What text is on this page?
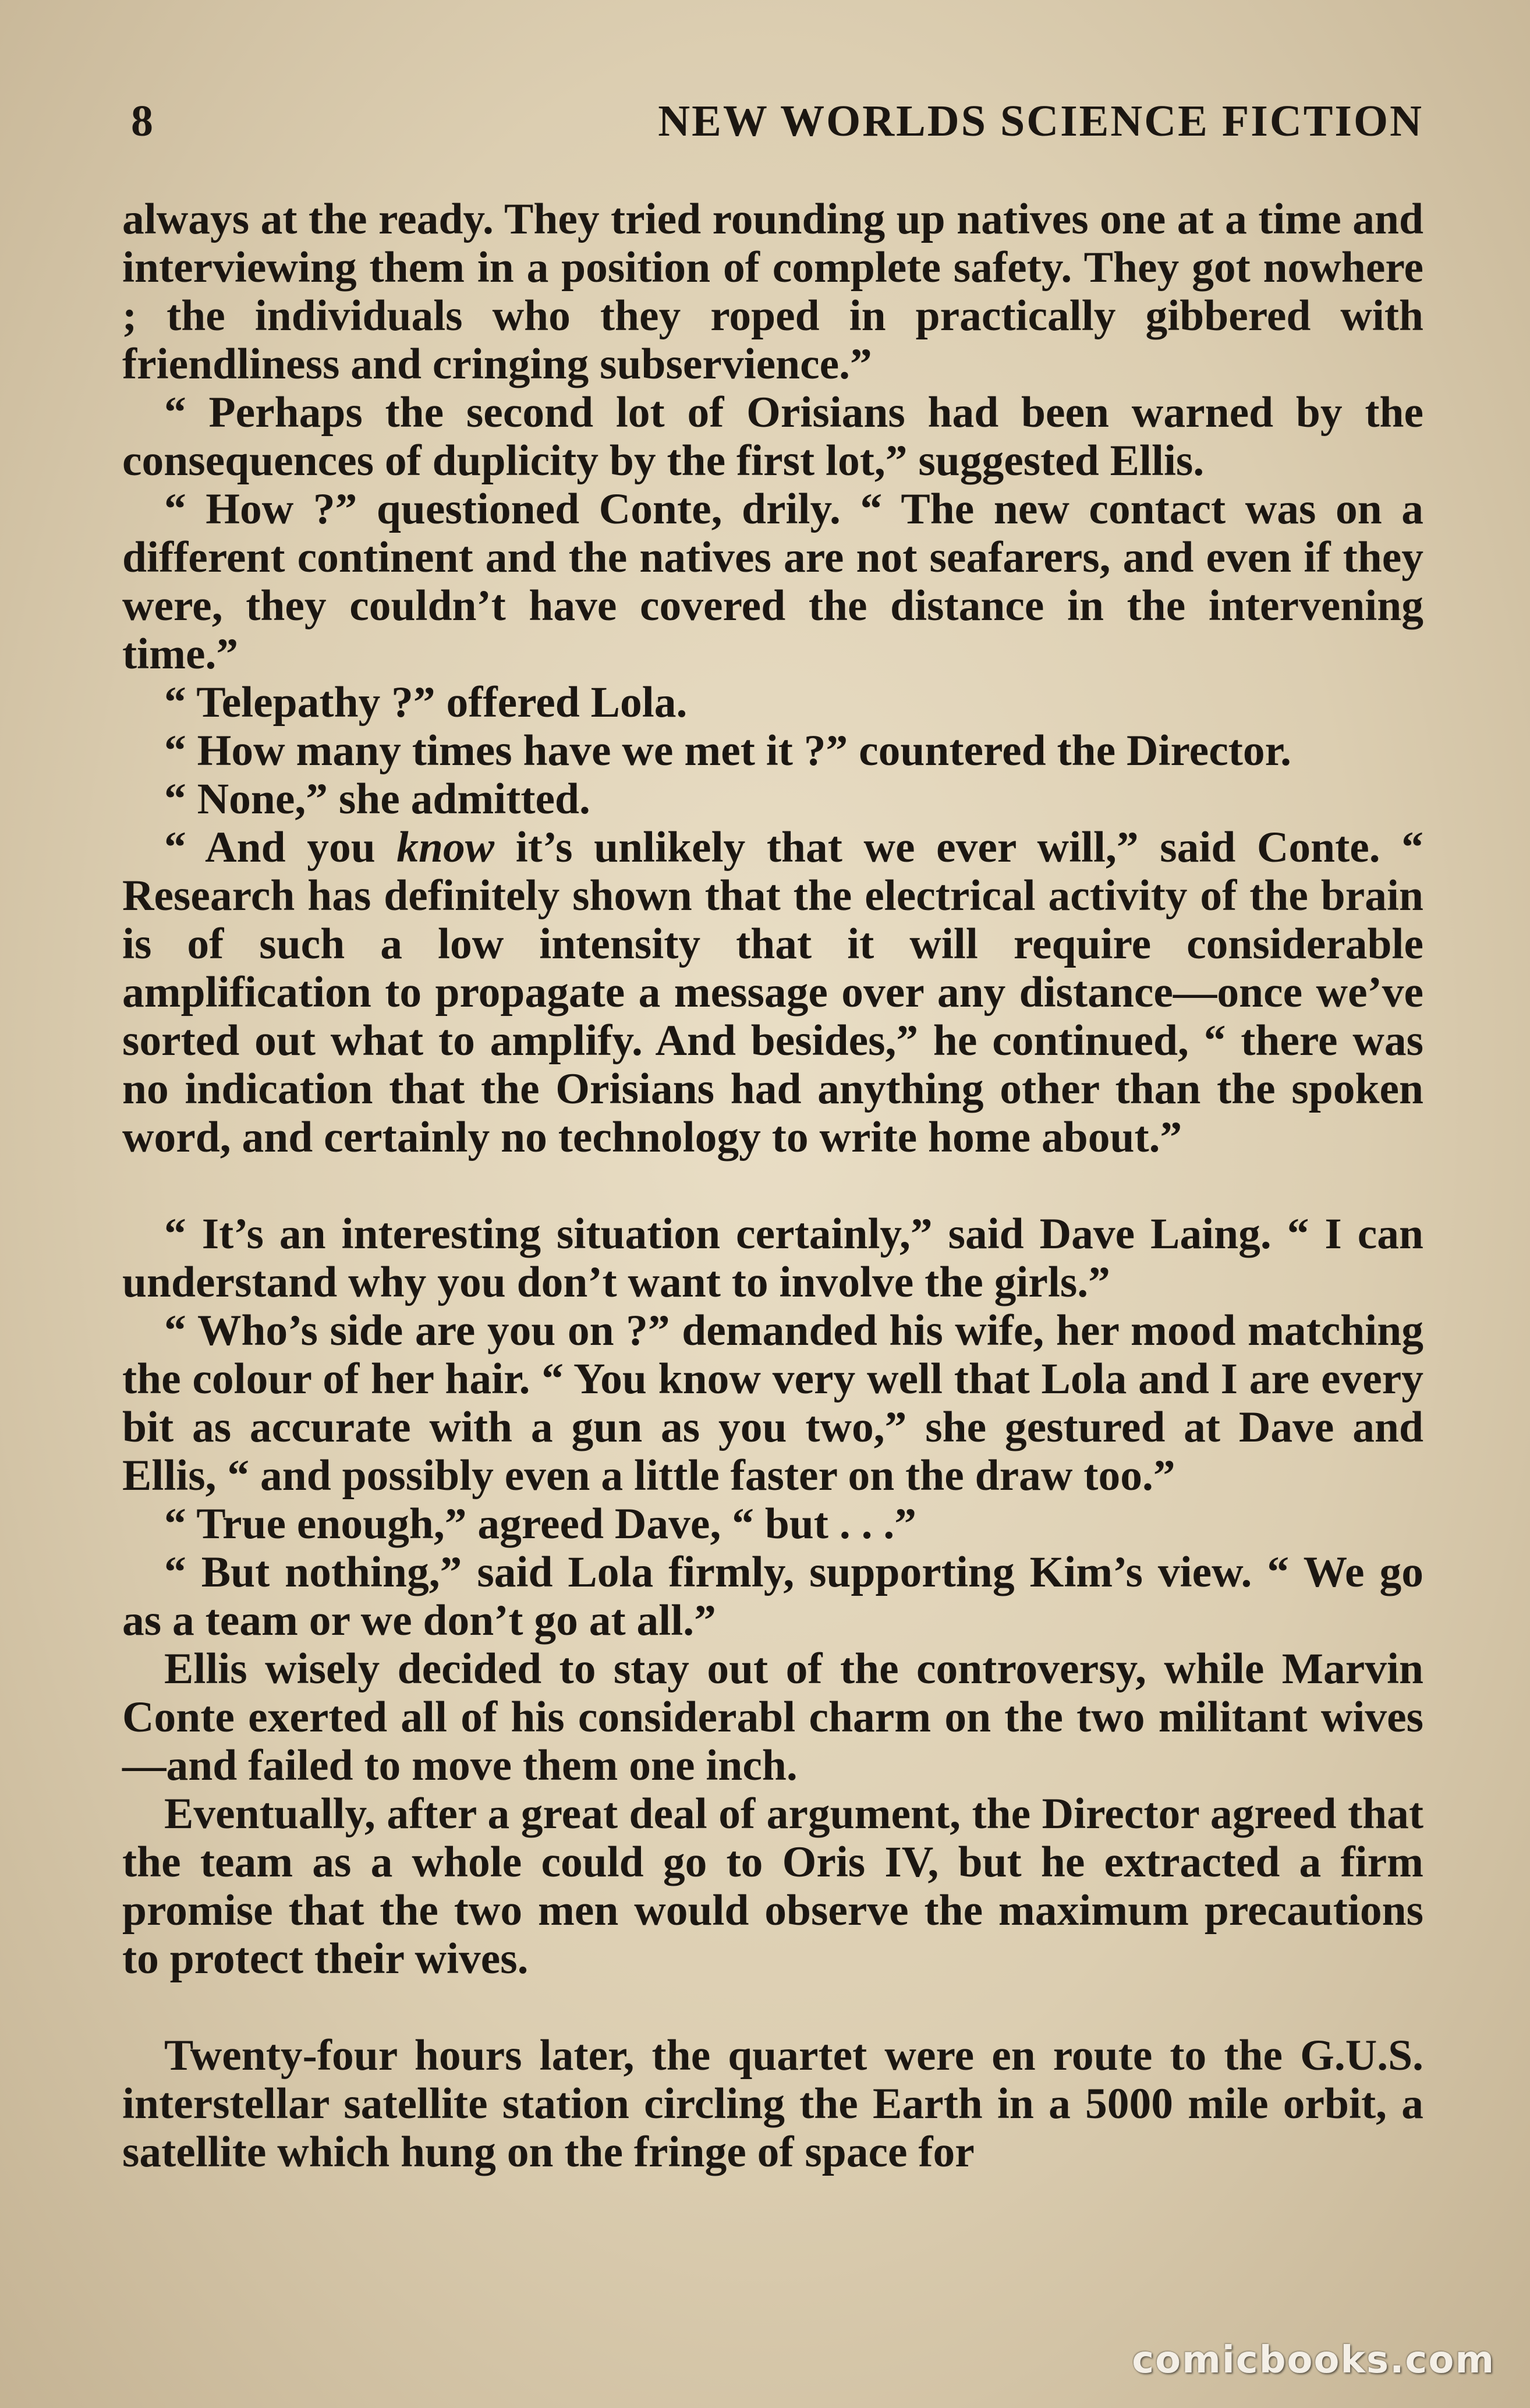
8	NEW WORLDS SCIENCE FICTION

always at the ready. They tried rounding up natives one at a time and interviewing them in a position of complete safety. They got nowhere ; the individuals who they roped in practically gibbered with friendliness and cringing subservience.”

“ Perhaps the second lot of Orisians had been warned by the consequences of duplicity by the first lot,” suggested Ellis.

“ How ?” questioned Conte, drily. “ The new contact was on a different continent and the natives are not seafarers, and even if they were, they couldn’t have covered the distance in the intervening time.”

“ Telepathy ?” offered Lola.

“ How many times have we met it ?” countered the Director.

“ None,” she admitted.

“ And you know it’s unlikely that we ever will,” said Conte. “ Research has definitely shown that the electrical activity of the brain is of such a low intensity that it will require considerable amplification to propagate a message over any distance—once we’ve sorted out what to amplify. And besides,” he continued, “ there was no indication that the Orisians had anything other than the spoken word, and certainly no technology to write home about.”

“ It’s an interesting situation certainly,” said Dave Laing. “ I can understand why you don’t want to involve the girls.”

“ Who’s side are you on ?” demanded his wife, her mood matching the colour of her hair. “ You know very well that Lola and I are every bit as accurate with a gun as you two,” she gestured at Dave and Ellis, “ and possibly even a little faster on the draw too.”

“ True enough,” agreed Dave, “ but . . .”

“ But nothing,” said Lola firmly, supporting Kim’s view. “ We go as a team or we don’t go at all.”

Ellis wisely decided to stay out of the controversy, while Marvin Conte exerted all of his considerabl charm on the two militant wives—and failed to move them one inch.

Eventually, after a great deal of argument, the Director agreed that the team as a whole could go to Oris IV, but he extracted a firm promise that the two men would observe the maximum precautions to protect their wives.

Twenty-four hours later, the quartet were en route to the G.U.S. interstellar satellite station circling the Earth in a 5000 mile orbit, a satellite which hung on the fringe of space for

comicbooks.com
